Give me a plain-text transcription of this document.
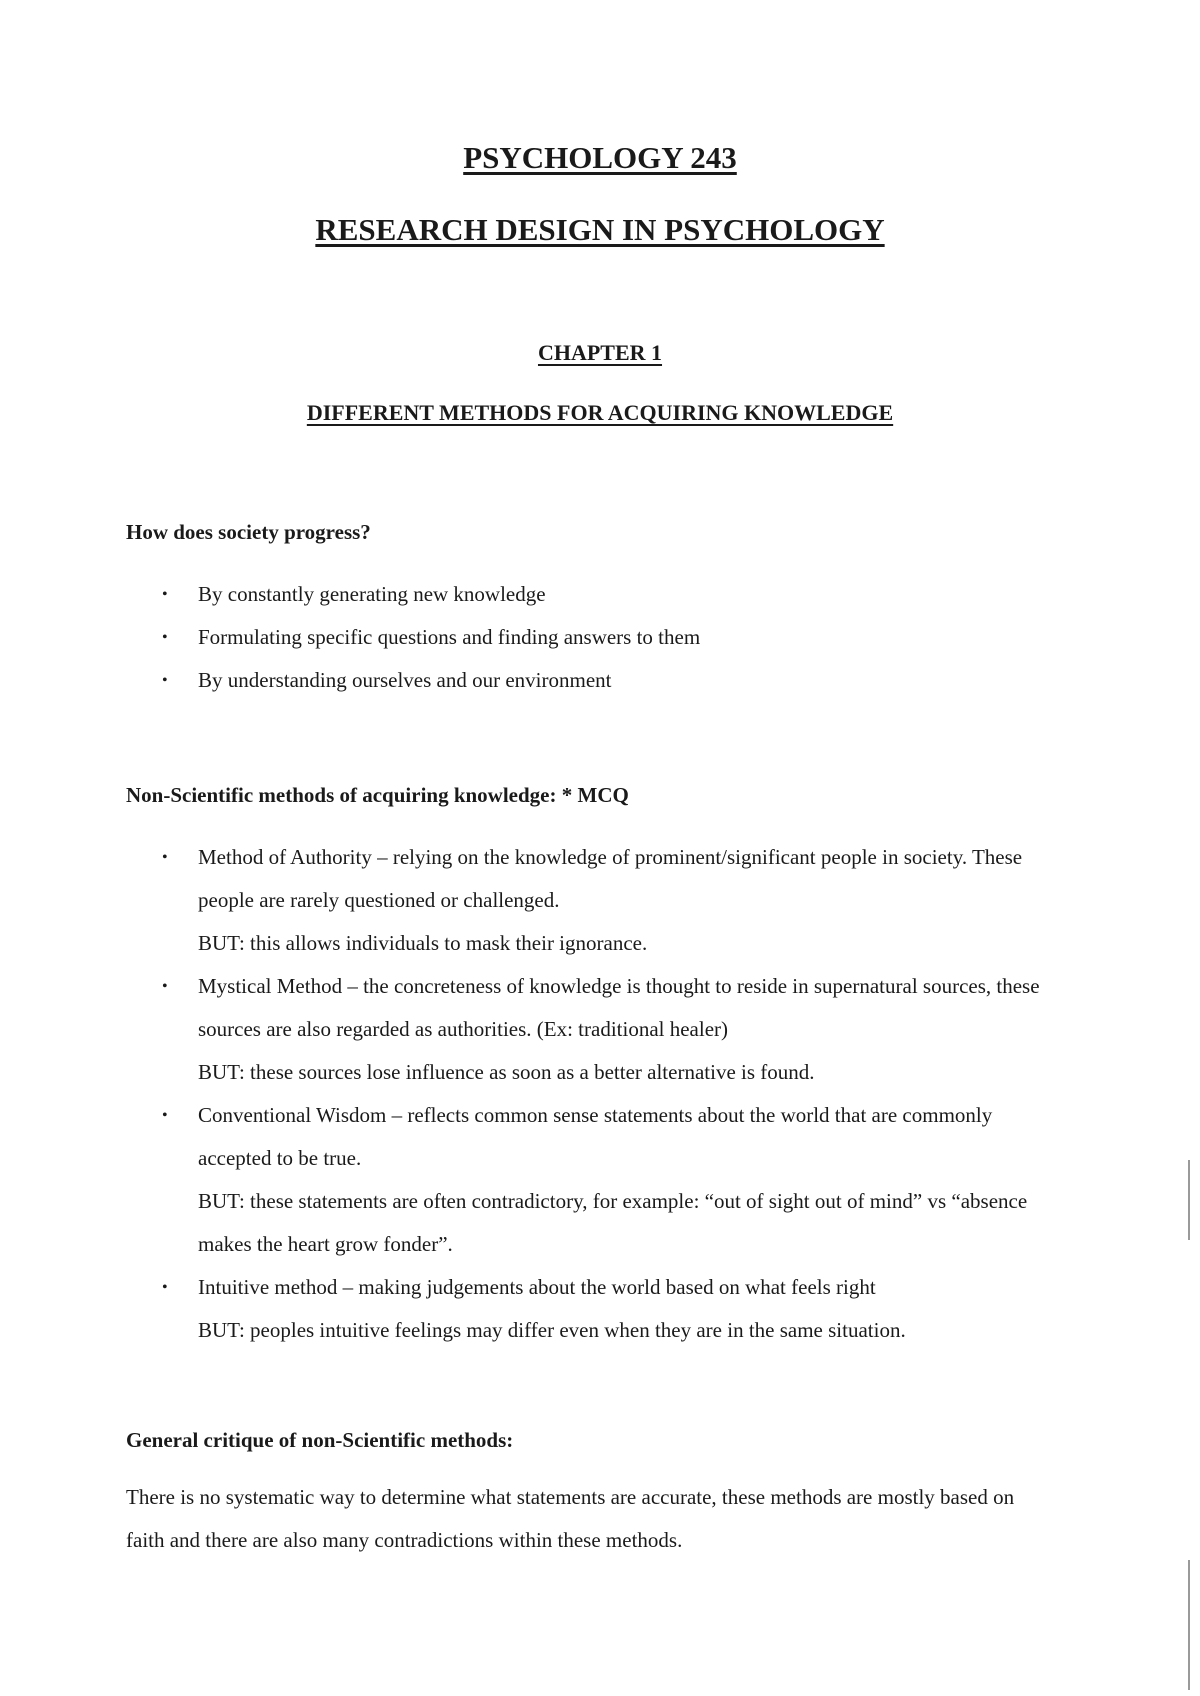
PSYCHOLOGY 243
RESEARCH DESIGN IN PSYCHOLOGY
CHAPTER 1
DIFFERENT METHODS FOR ACQUIRING KNOWLEDGE
How does society progress?
• By constantly generating new knowledge
• Formulating specific questions and finding answers to them
• By understanding ourselves and our environment
Non-Scientific methods of acquiring knowledge: * MCQ
• Method of Authority – relying on the knowledge of prominent/significant people in society. These people are rarely questioned or challenged.
BUT: this allows individuals to mask their ignorance.
• Mystical Method – the concreteness of knowledge is thought to reside in supernatural sources, these sources are also regarded as authorities. (Ex: traditional healer)
BUT: these sources lose influence as soon as a better alternative is found.
• Conventional Wisdom – reflects common sense statements about the world that are commonly accepted to be true.
BUT: these statements are often contradictory, for example: “out of sight out of mind” vs “absence makes the heart grow fonder”.
• Intuitive method – making judgements about the world based on what feels right
BUT: peoples intuitive feelings may differ even when they are in the same situation.
General critique of non-Scientific methods:

There is no systematic way to determine what statements are accurate, these methods are mostly based on faith and there are also many contradictions within these methods.
